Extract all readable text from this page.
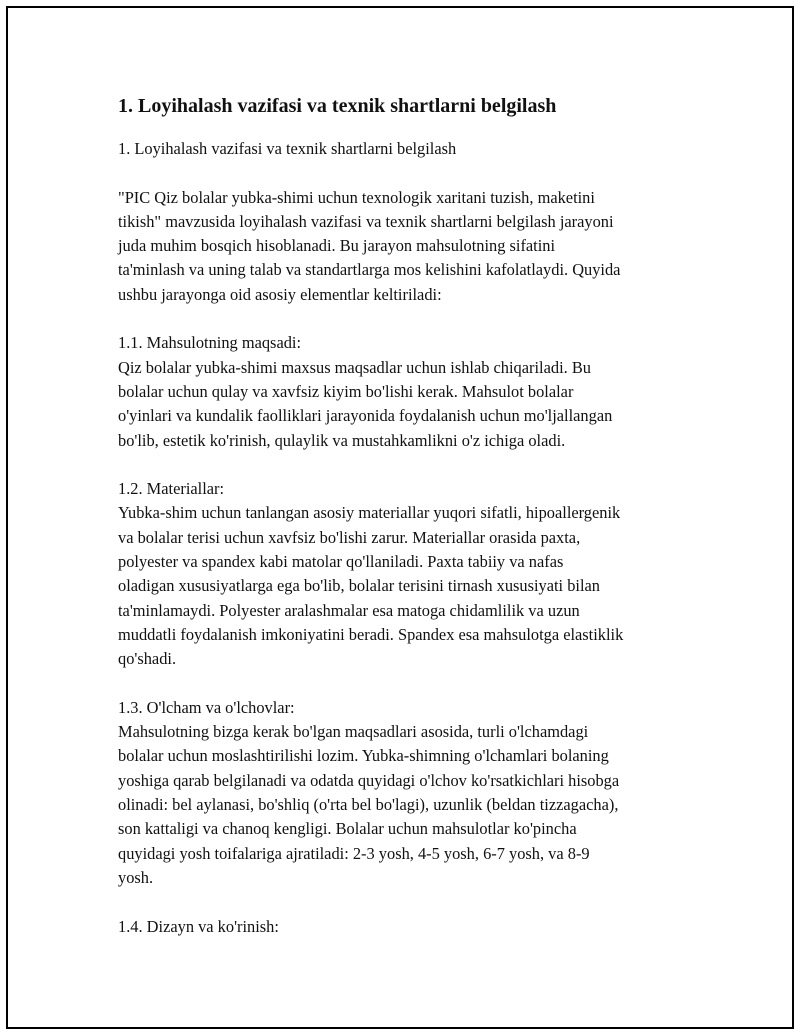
1. Loyihalash vazifasi va texnik shartlarni belgilash
1. Loyihalash vazifasi va texnik shartlarni belgilash
"PIC Qiz bolalar yubka-shimi uchun texnologik xaritani tuzish, maketini
tikish" mavzusida loyihalash vazifasi va texnik shartlarni belgilash jarayoni
juda muhim bosqich hisoblanadi. Bu jarayon mahsulotning sifatini
ta'minlash va uning talab va standartlarga mos kelishini kafolatlaydi. Quyida
ushbu jarayonga oid asosiy elementlar keltiriladi:
1.1. Mahsulotning maqsadi:
Qiz bolalar yubka-shimi maxsus maqsadlar uchun ishlab chiqariladi. Bu
bolalar uchun qulay va xavfsiz kiyim bo'lishi kerak. Mahsulot bolalar
o'yinlari va kundalik faolliklari jarayonida foydalanish uchun mo'ljallangan
bo'lib, estetik ko'rinish, qulaylik va mustahkamlikni o'z ichiga oladi.
1.2. Materiallar:
Yubka-shim uchun tanlangan asosiy materiallar yuqori sifatli, hipoallergenik
va bolalar terisi uchun xavfsiz bo'lishi zarur. Materiallar orasida paxta,
polyester va spandex kabi matolar qo'llaniladi. Paxta tabiiy va nafas
oladigan xususiyatlarga ega bo'lib, bolalar terisini tirnash xususiyati bilan
ta'minlamaydi. Polyester aralashmalar esa matoga chidamlilik va uzun
muddatli foydalanish imkoniyatini beradi. Spandex esa mahsulotga elastiklik
qo'shadi.
1.3. O'lcham va o'lchovlar:
Mahsulotning bizga kerak bo'lgan maqsadlari asosida, turli o'lchamdagi
bolalar uchun moslashtirilishi lozim. Yubka-shimning o'lchamlari bolaning
yoshiga qarab belgilanadi va odatda quyidagi o'lchov ko'rsatkichlari hisobga
olinadi: bel aylanasi, bo'shliq (o'rta bel bo'lagi), uzunlik (beldan tizzagacha),
son kattaligi va chanoq kengligi. Bolalar uchun mahsulotlar ko'pincha
quyidagi yosh toifalariga ajratiladi: 2-3 yosh, 4-5 yosh, 6-7 yosh, va 8-9
yosh.
1.4. Dizayn va ko'rinish:
